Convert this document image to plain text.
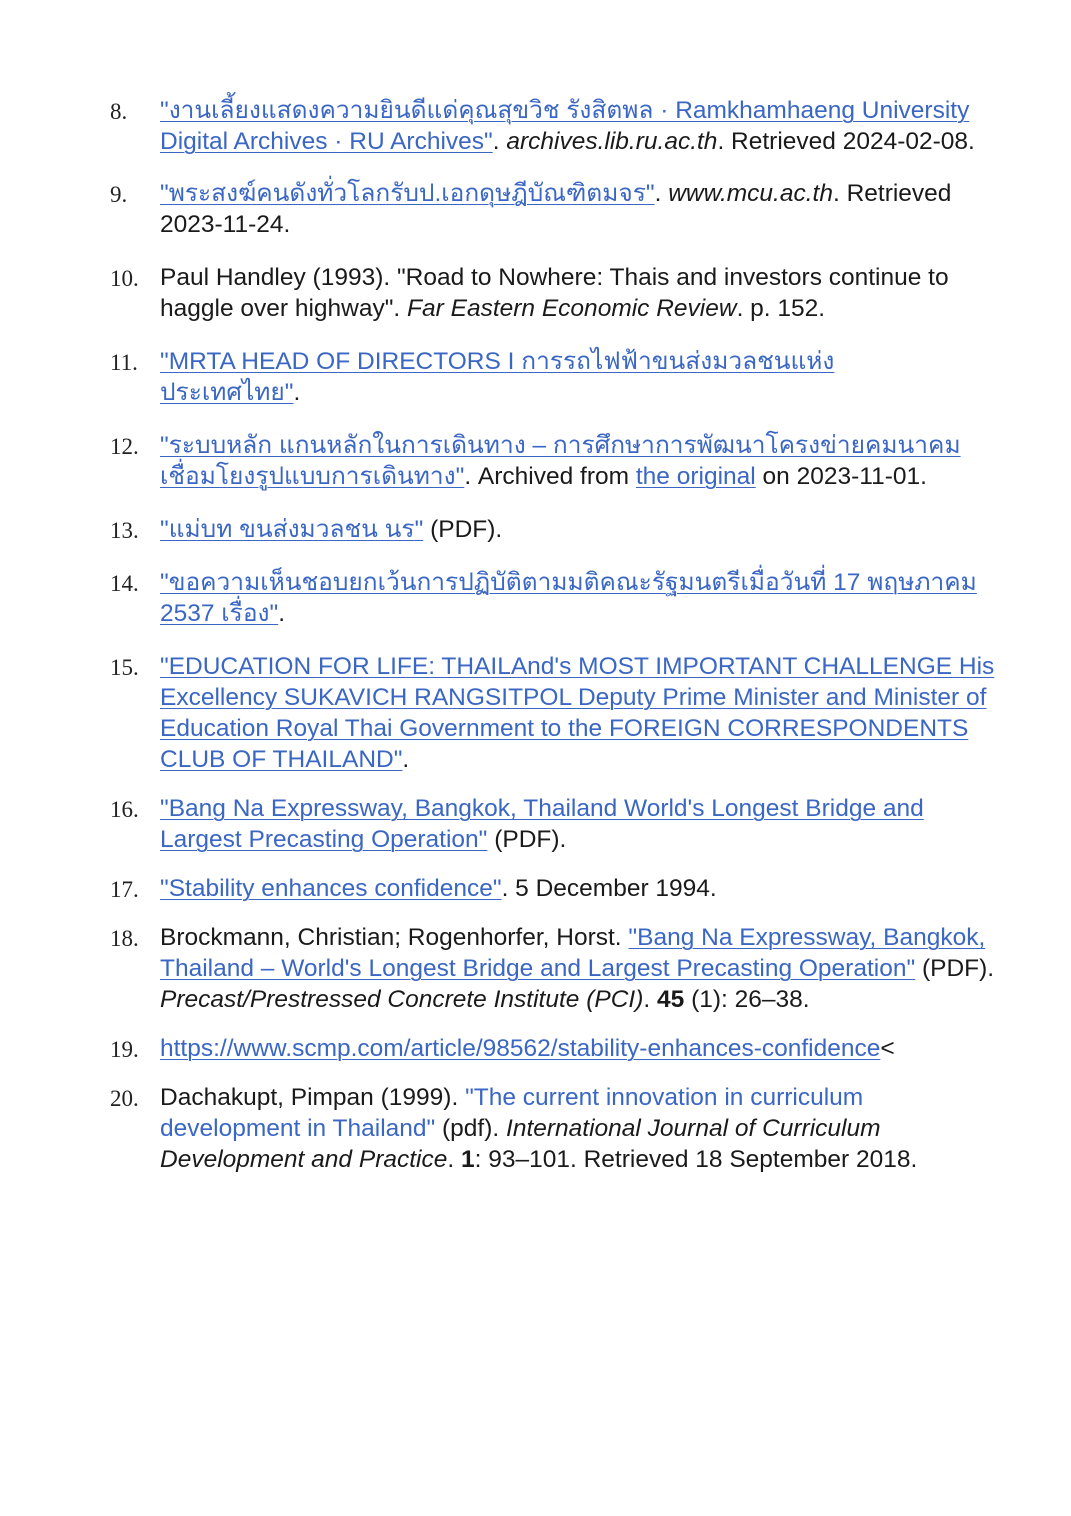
8.	"งานเลี้ยงแสดงความยินดีแด่คุณสุขวิช รังสิตพล · Ramkhamhaeng University Digital Archives · RU Archives". archives.lib.ru.ac.th. Retrieved 2024-02-08.
9.	"พระสงฆ์คนดังทั่วโลกรับป.เอกดุษฎีบัณฑิตมจร". www.mcu.ac.th. Retrieved 2023-11-24.
10. Paul Handley (1993). "Road to Nowhere: Thais and investors continue to haggle over highway". Far Eastern Economic Review. p. 152.
11. "MRTA HEAD OF DIRECTORS I การรถไฟฟ้าขนส่งมวลชนแห่งประเทศไทย".
12. "ระบบหลัก แกนหลักในการเดินทาง – การศึกษาการพัฒนาโครงข่ายคมนาคมเชื่อมโยงรูปแบบการเดินทาง". Archived from the original on 2023-11-01.
13. "แม่บท ขนส่งมวลชน นร" (PDF).
14. "ขอความเห็นชอบยกเว้นการปฏิบัติตามมติคณะรัฐมนตรีเมื่อวันที่ 17 พฤษภาคม 2537 เรื่อง".
15. "EDUCATION FOR LIFE: THAILAnd's MOST IMPORTANT CHALLENGE His Excellency SUKAVICH RANGSITPOL Deputy Prime Minister and Minister of Education Royal Thai Government to the FOREIGN CORRESPONDENTS CLUB OF THAILAND".
16. "Bang Na Expressway, Bangkok, Thailand World's Longest Bridge and Largest Precasting Operation" (PDF).
17. "Stability enhances confidence". 5 December 1994.
18. Brockmann, Christian; Rogenhorfer, Horst. "Bang Na Expressway, Bangkok, Thailand – World's Longest Bridge and Largest Precasting Operation" (PDF). Precast/Prestressed Concrete Institute (PCI). 45 (1): 26–38.
19. https://www.scmp.com/article/98562/stability-enhances-confidence<
20. Dachakupt, Pimpan (1999). "The current innovation in curriculum development in Thailand" (pdf). International Journal of Curriculum Development and Practice. 1: 93–101. Retrieved 18 September 2018.
